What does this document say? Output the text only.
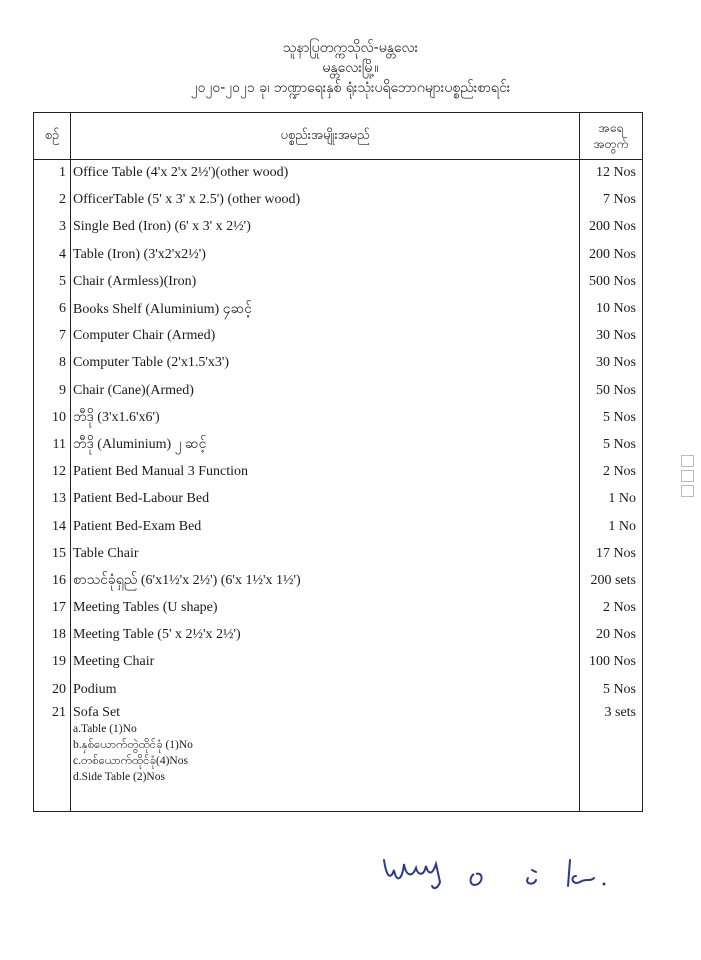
သူနာပြုတက္ကသိုလ်-မန္တလေး
မန္တလေးမြို့။
၂၀၂၀-၂၀၂၁ ခု၊ ဘဏ္ဍာရေးနှစ် ရုံးသုံးပရိဘောဂများပစ္စည်းစာရင်း
စဉ်	ပစ္စည်းအမျိုးအမည်	အရေ
အတွက်
1	Office Table (4'x 2'x 2½')(other wood)	12 Nos
2	OfficerTable (5' x 3' x 2.5') (other wood)	7 Nos
3	Single Bed (Iron) (6' x 3' x 2½')	200 Nos
4	Table (Iron) (3'x2'x2½')	200 Nos
5	Chair (Armless)(Iron)	500 Nos
6	Books Shelf (Aluminium) ၄ဆင့်	10 Nos
7	Computer Chair (Armed)	30 Nos
8	Computer Table (2'x1.5'x3')	30 Nos
9	Chair (Cane)(Armed)	50 Nos
10	ဘီဒို (3'x1.6'x6')	5 Nos
11	ဘီဒို (Aluminium) ၂ ဆင့်	5 Nos
12	Patient Bed Manual 3 Function	2 Nos
13	Patient Bed-Labour Bed	1 No
14	Patient Bed-Exam Bed	1 No
15	Table Chair	17 Nos
16	စာသင်ခုံရှည် (6'x1½'x 2½') (6'x 1½'x 1½')	200 sets
17	Meeting Tables (U shape)	2 Nos
18	Meeting Table (5' x 2½'x 2½')	20 Nos
19	Meeting Chair	100 Nos
20	Podium	5 Nos
21	Sofa Set
a.Table (1)No
b.နှစ်ယောက်တွဲထိုင်ခုံ (1)No
c.တစ်ယောက်ထိုင်ခုံ(4)Nos
d.Side Table (2)Nos	3 sets
